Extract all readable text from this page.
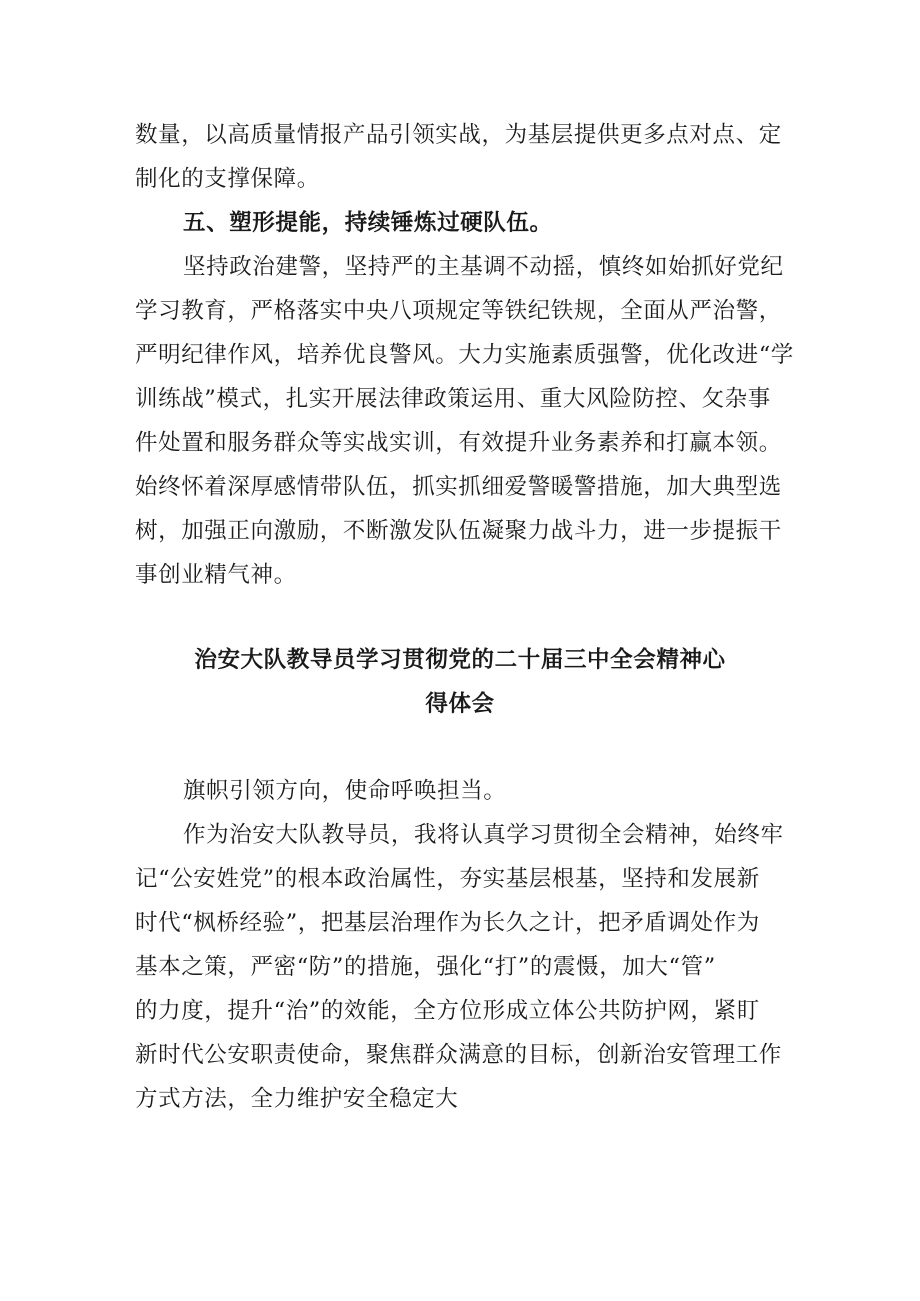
数量，以高质量情报产品引领实战，为基层提供更多点对点、定
制化的支撑保障。
五、塑形提能，持续锤炼过硬队伍。
坚持政治建警，坚持严的主基调不动摇，慎终如始抓好党纪
学习教育，严格落实中央八项规定等铁纪铁规，全面从严治警，
严明纪律作风，培养优良警风。大力实施素质强警，优化改进“学
训练战”模式，扎实开展法律政策运用、重大风险防控、攵杂事
件处置和服务群众等实战实训，有效提升业务素养和打赢本领。
始终怀着深厚感情带队伍，抓实抓细爱警暖警措施，加大典型选
树，加强正向激励，不断激发队伍凝聚力战斗力，进一步提振干
事创业精气神。
治安大队教导员学习贯彻党的二十届三中全会精神心
得体会
旗帜引领方向，使命呼唤担当。
作为治安大队教导员，我将认真学习贯彻全会精神，始终牢
记“公安姓党”的根本政治属性，夯实基层根基，坚持和发展新
时代“枫桥经验”，把基层治理作为长久之计，把矛盾调处作为
基本之策，严密“防”的措施，强化“打”的震慑，加大“管”
的力度，提升“治”的效能，全方位形成立体公共防护网，紧盯
新时代公安职责使命，聚焦群众满意的目标，创新治安管理工作
方式方法，全力维护安全稳定大
